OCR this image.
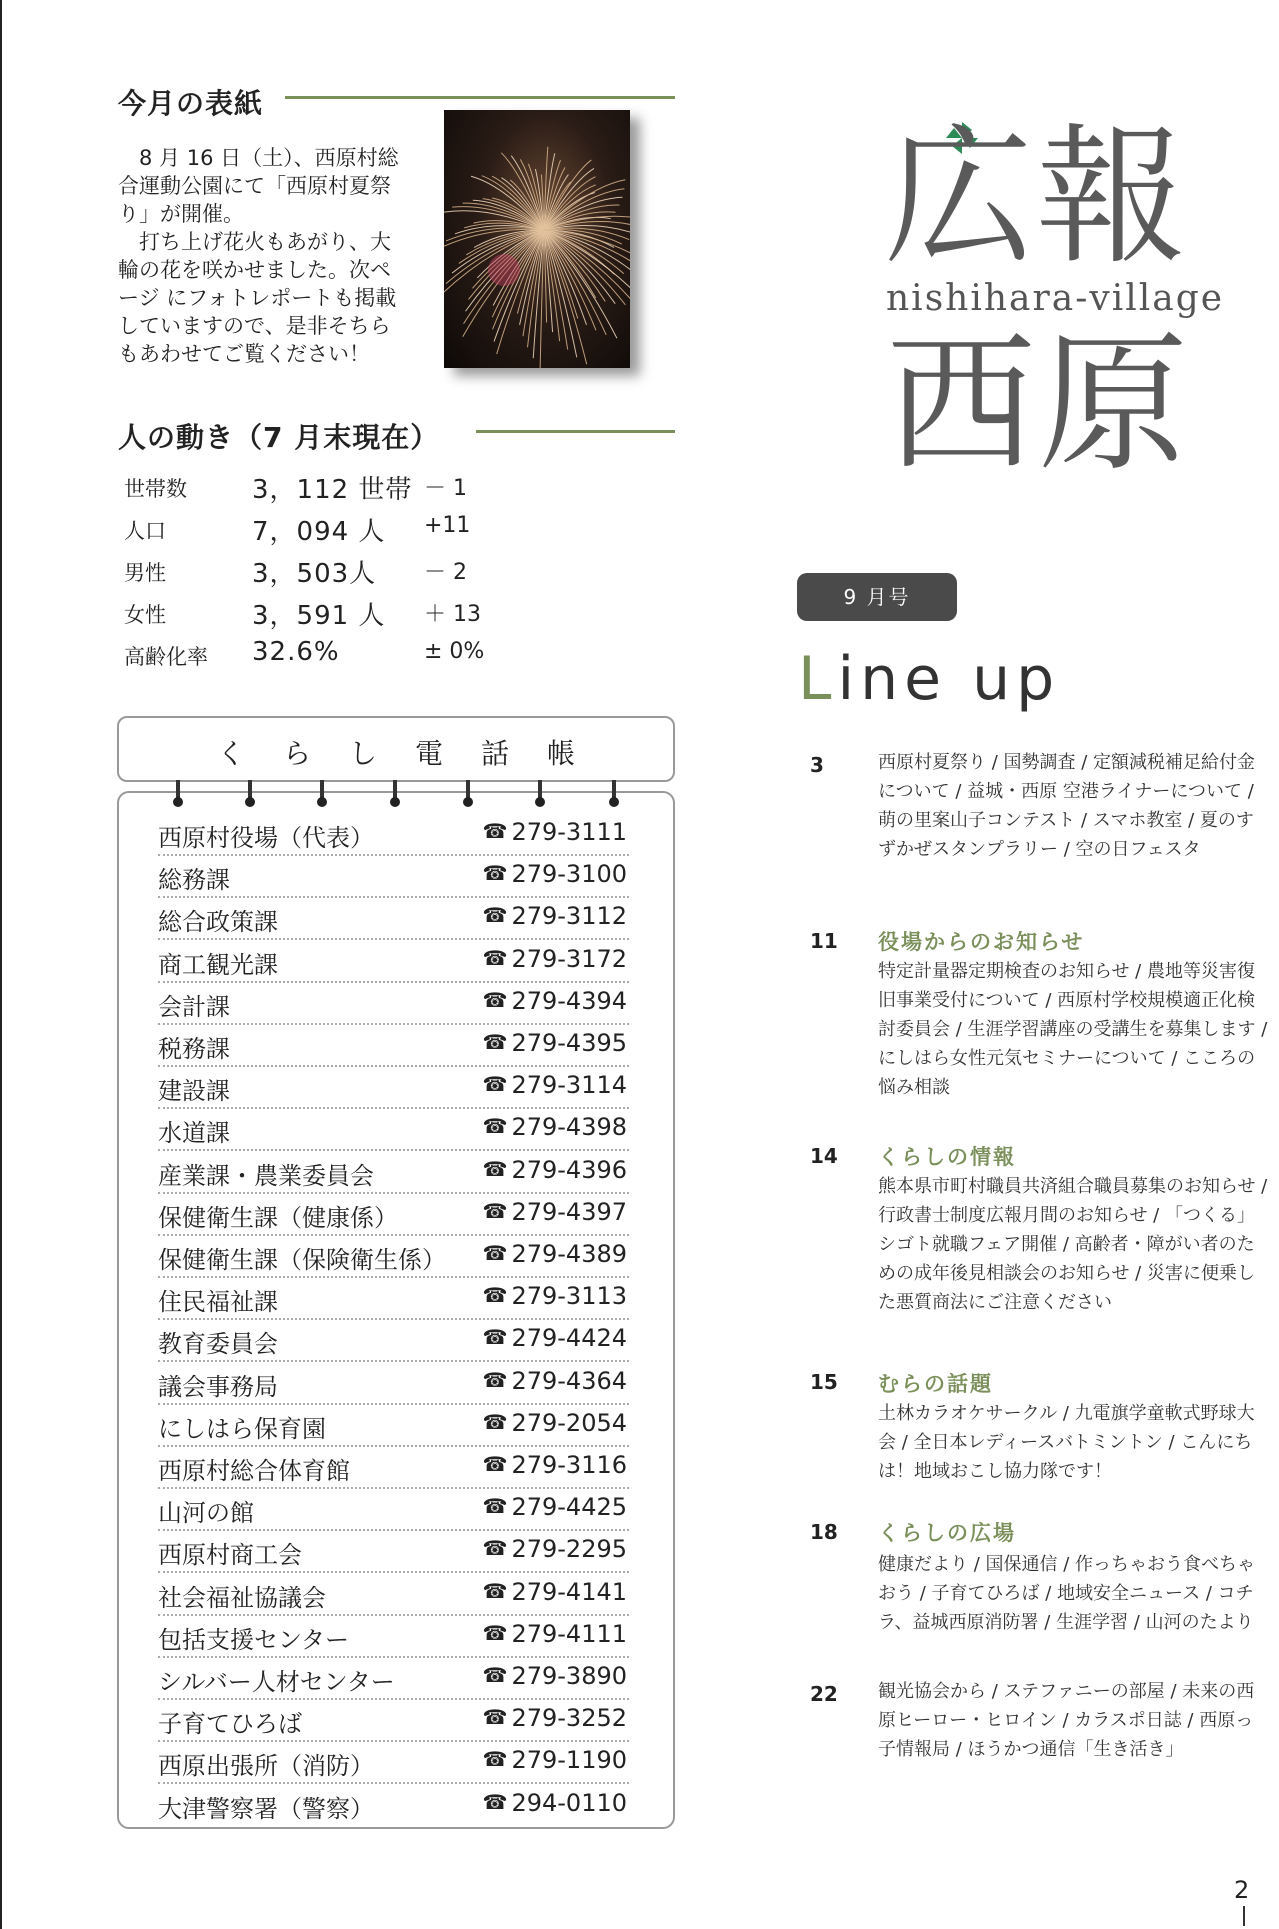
今月の表紙

　8 月 16 日（土）、西原村総合運動公園にて「西原村夏祭り」が開催。

　打ち上げ花火もあがり、大輪の花を咲かせました。次ページ にフォトレポートも掲載していますので、是非そちらもあわせてご覧ください！

人の動き（7 月末現在）
世帯数	3，112 世帯 － 1
人口	7，094 人 +11
男性	3，503人 － 2
女性	3，591 人 ＋ 13
高齢化率 32.6%	± 0%
くらし電話帳
西原村役場（代表）	☎ 279-3111
総務課	☎ 279-3100
総合政策課	☎ 279-3112
商工観光課	☎ 279-3172
会計課	☎ 279-4394
税務課	☎ 279-4395
建設課	☎ 279-3114
水道課	☎ 279-4398
産業課・農業委員会	☎ 279-4396
保健衛生課（健康係）	☎ 279-4397
保健衛生課（保険衛生係） ☎ 279-4389
住民福祉課	☎ 279-3113
教育委員会	☎ 279-4424
議会事務局	☎ 279-4364
にしはら保育園	☎ 279-2054
西原村総合体育館	☎ 279-3116
山河の館	☎ 279-4425
西原村商工会	☎ 279-2295
社会福祉協議会	☎ 279-4141
包括支援センター	☎ 279-4111
シルバー人材センター	☎ 279-3890
子育てひろば	☎ 279-3252
西原出張所（消防）	☎ 279-1190
大津警察署（警察）	☎ 294-0110
広報
nishihara-village
西原
9 月号
Line up
3	西原村夏祭り / 国勢調査 / 定額減税補足給付金について / 益城・西原 空港ライナーについて / 萌の里案山子コンテスト / スマホ教室 / 夏のすずかぜスタンプラリー / 空の日フェスタ
11 役場からのお知らせ
特定計量器定期検査のお知らせ / 農地等災害復旧事業受付について / 西原村学校規模適正化検討委員会 / 生涯学習講座の受講生を募集します / にしはら女性元気セミナーについて / こころの悩み相談
14 くらしの情報
熊本県市町村職員共済組合職員募集のお知らせ / 行政書士制度広報月間のお知らせ / 「つくる」シゴト就職フェア開催 / 高齢者・障がい者のための成年後見相談会のお知らせ / 災害に便乗した悪質商法にご注意ください
15 むらの話題
土林カラオケサークル / 九電旗学童軟式野球大会 / 全日本レディースバトミントン / こんにちは！地域おこし協力隊です！
18 くらしの広場
健康だより / 国保通信 / 作っちゃおう食べちゃおう / 子育てひろば / 地域安全ニュース / コチラ、益城西原消防署 / 生涯学習 / 山河のたより
22 観光協会から / ステファニーの部屋 / 未来の西原ヒーロー・ヒロイン / カラスポ日誌 / 西原っ子情報局 / ほうかつ通信「生き活き」
2
